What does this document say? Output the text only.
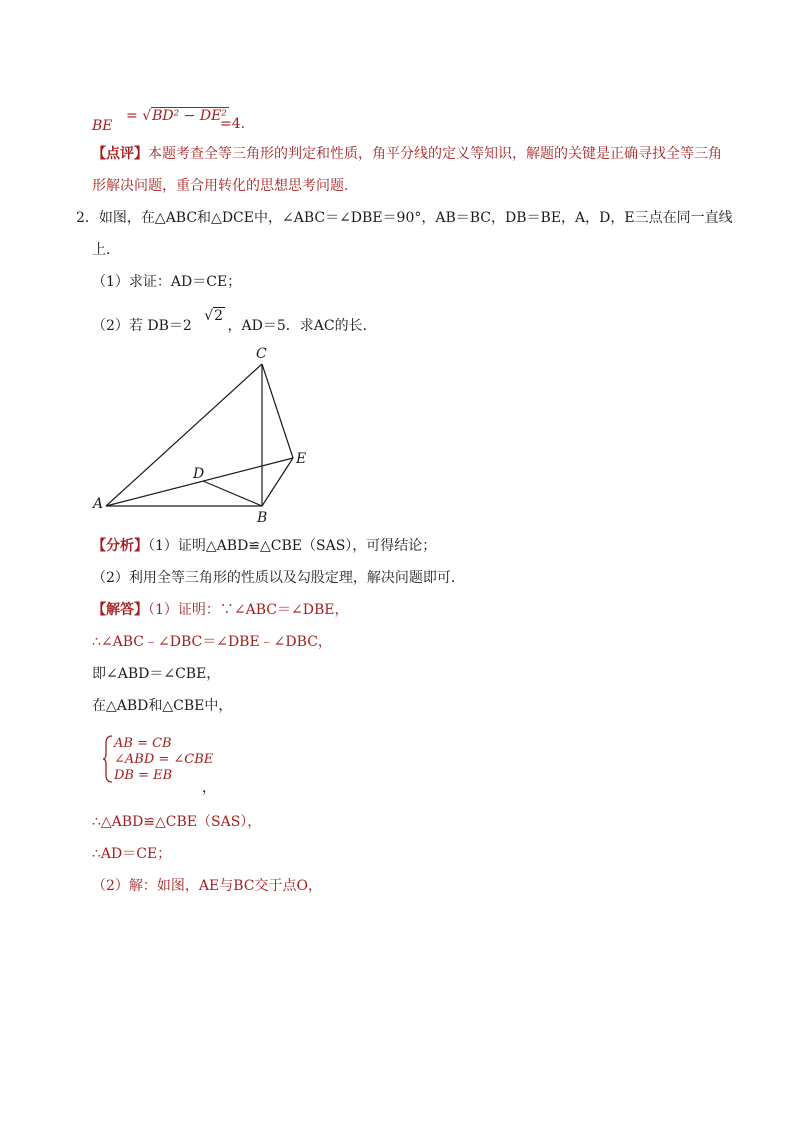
BE
= √BD² − DE²
=4．
【点评】本题考查全等三角形的判定和性质，角平分线的定义等知识，解题的关键是正确寻找全等三角
形解决问题，重合用转化的思想思考问题．
2．如图，在△ABC和△DCE中，∠ABC＝∠DBE＝90°，AB＝BC，DB＝BE，A，D，E三点在同一直线
上．
（1）求证：AD＝CE；
（2）若 DB＝2 √2 ，AD＝5．求AC的长．
A
B
C
D
E
【分析】（1）证明△ABD≌△CBE（SAS），可得结论；
（2）利用全等三角形的性质以及勾股定理，解决问题即可．
【解答】（1）证明：∵∠ABC＝∠DBE，
∴∠ABC﹣∠DBC＝∠DBE﹣∠DBC，
即∠ABD＝∠CBE，
在△ABD和△CBE中，
AB = CB
∠ABD = ∠CBE
DB = EB
，
∴△ABD≌△CBE（SAS），
∴AD＝CE；
（2）解：如图，AE与BC交于点O，
